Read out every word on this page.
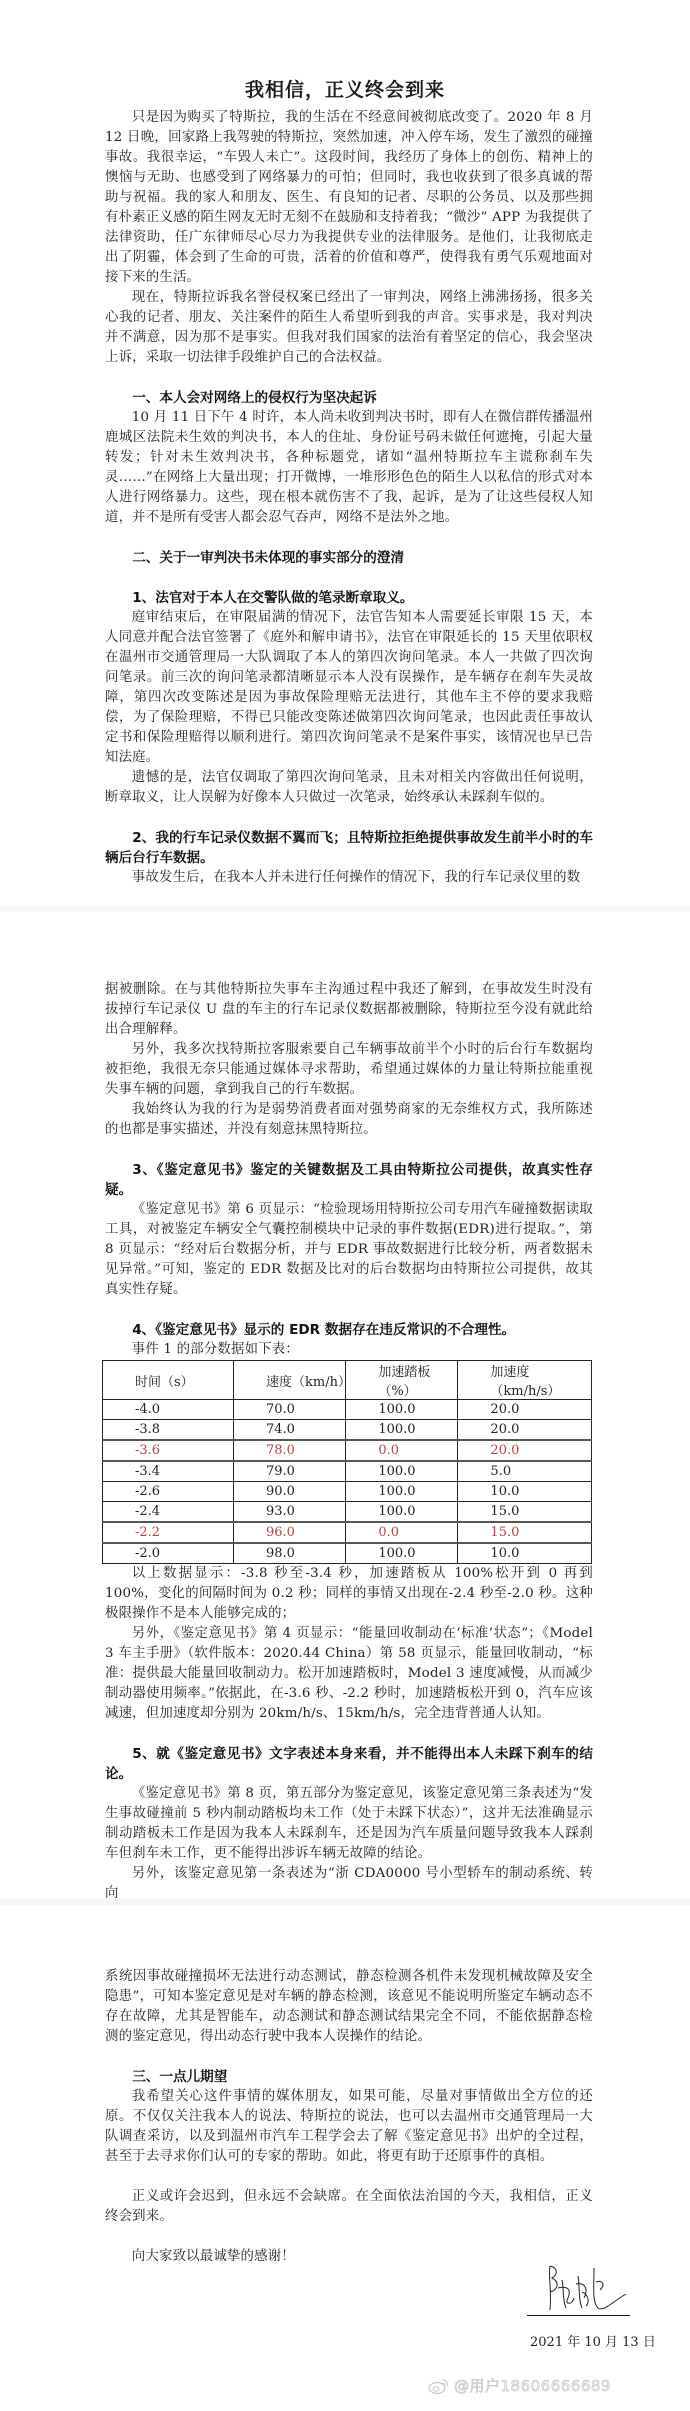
我相信，正义终会到来

只是因为购买了特斯拉，我的生活在不经意间被彻底改变了。2020 年 8 月 12 日晚，回家路上我驾驶的特斯拉，突然加速，冲入停车场，发生了激烈的碰撞事故。我很幸运，“车毁人未亡”。这段时间，我经历了身体上的创伤、精神上的懊恼与无助、也感受到了网络暴力的可怕；但同时，我也收获到了很多真诚的帮助与祝福。我的家人和朋友、医生、有良知的记者、尽职的公务员、以及那些拥有朴素正义感的陌生网友无时无刻不在鼓励和支持着我；“微沙” APP 为我提供了法律资助，任广东律师尽心尽力为我提供专业的法律服务。是他们，让我彻底走出了阴霾，体会到了生命的可贵，活着的价值和尊严，使得我有勇气乐观地面对接下来的生活。

现在，特斯拉诉我名誉侵权案已经出了一审判决，网络上沸沸扬扬，很多关心我的记者、朋友、关注案件的陌生人希望听到我的声音。实事求是，我对判决并不满意，因为那不是事实。但我对我们国家的法治有着坚定的信心，我会坚决上诉，采取一切法律手段维护自己的合法权益。

一、本人会对网络上的侵权行为坚决起诉

10 月 11 日下午 4 时许，本人尚未收到判决书时，即有人在微信群传播温州鹿城区法院未生效的判决书，本人的住址、身份证号码未做任何遮掩，引起大量转发；针对未生效判决书，各种标题党，诸如“温州特斯拉车主谎称刹车失灵……”在网络上大量出现；打开微博，一堆形形色色的陌生人以私信的形式对本人进行网络暴力。这些，现在根本就伤害不了我，起诉，是为了让这些侵权人知道，并不是所有受害人都会忍气吞声，网络不是法外之地。

二、关于一审判决书未体现的事实部分的澄清
1、法官对于本人在交警队做的笔录断章取义。

庭审结束后，在审限届满的情况下，法官告知本人需要延长审限 15 天，本人同意并配合法官签署了《庭外和解申请书》，法官在审限延长的 15 天里依职权在温州市交通管理局一大队调取了本人的第四次询问笔录。本人一共做了四次询问笔录。前三次的询问笔录都清晰显示本人没有误操作，是车辆存在刹车失灵故障，第四次改变陈述是因为事故保险理赔无法进行，其他车主不停的要求我赔偿，为了保险理赔，不得已只能改变陈述做第四次询问笔录，也因此责任事故认定书和保险理赔得以顺利进行。第四次询问笔录不是案件事实，该情况也早已告知法庭。

遗憾的是，法官仅调取了第四次询问笔录，且未对相关内容做出任何说明，断章取义，让人误解为好像本人只做过一次笔录，始终承认未踩刹车似的。

2、我的行车记录仪数据不翼而飞；且特斯拉拒绝提供事故发生前半小时的车辆后台行车数据。

事故发生后，在我本人并未进行任何操作的情况下，我的行车记录仪里的数

据被删除。在与其他特斯拉失事车主沟通过程中我还了解到，在事故发生时没有拔掉行车记录仪 U 盘的车主的行车记录仪数据都被删除，特斯拉至今没有就此给出合理解释。

另外，我多次找特斯拉客服索要自己车辆事故前半个小时的后台行车数据均被拒绝，我很无奈只能通过媒体寻求帮助，希望通过媒体的力量让特斯拉能重视失事车辆的问题，拿到我自己的行车数据。

我始终认为我的行为是弱势消费者面对强势商家的无奈维权方式，我所陈述的也都是事实描述，并没有刻意抹黑特斯拉。

3、《鉴定意见书》鉴定的关键数据及工具由特斯拉公司提供，故真实性存疑。

《鉴定意见书》第 6 页显示：“检验现场用特斯拉公司专用汽车碰撞数据读取工具，对被鉴定车辆安全气囊控制模块中记录的事件数据(EDR)进行提取。”，第 8 页显示：“经对后台数据分析，并与 EDR 事故数据进行比较分析，两者数据未见异常。”可知，鉴定的 EDR 数据及比对的后台数据均由特斯拉公司提供，故其真实性存疑。

4、《鉴定意见书》显示的 EDR 数据存在违反常识的不合理性。

事件 1 的部分数据如下表：

时间（s）	速度（km/h）	加速踏板（%）	加速度（km/h/s）
-4.0	70.0	100.0	20.0
-3.8	74.0	100.0	20.0
-3.6	78.0	0.0	20.0
-3.4	79.0	100.0	5.0
-2.6	90.0	100.0	10.0
-2.4	93.0	100.0	15.0
-2.2	96.0	0.0	15.0
-2.0	98.0	100.0	10.0

以上数据显示：-3.8 秒至-3.4 秒，加速踏板从 100%松开到 0 再到 100%，变化的间隔时间为 0.2 秒；同样的事情又出现在-2.4 秒至-2.0 秒。这种极限操作不是本人能够完成的；

另外，《鉴定意见书》第 4 页显示：“能量回收制动在‘标准’状态”；《Model 3 车主手册》（软件版本：2020.44 China）第 58 页显示，能量回收制动，“标准：提供最大能量回收制动力。松开加速踏板时，Model 3 速度减慢，从而减少制动器使用频率。”依据此，在-3.6 秒、-2.2 秒时，加速踏板松开到 0，汽车应该减速，但加速度却分别为 20km/h/s、15km/h/s，完全违背普通人认知。

5、就《鉴定意见书》文字表述本身来看，并不能得出本人未踩下刹车的结论。

《鉴定意见书》第 8 页，第五部分为鉴定意见，该鉴定意见第三条表述为“发生事故碰撞前 5 秒内制动踏板均未工作（处于未踩下状态）”，这并无法准确显示制动踏板未工作是因为我本人未踩刹车，还是因为汽车质量问题导致我本人踩刹车但刹车未工作，更不能得出涉诉车辆无故障的结论。

另外，该鉴定意见第一条表述为“浙 CDA0000 号小型轿车的制动系统、转向

系统因事故碰撞损坏无法进行动态测试，静态检测各机件未发现机械故障及安全隐患”，可知本鉴定意见是对车辆的静态检测，该意见不能说明所鉴定车辆动态不存在故障，尤其是智能车，动态测试和静态测试结果完全不同，不能依据静态检测的鉴定意见，得出动态行驶中我本人误操作的结论。

三、一点儿期望

我希望关心这件事情的媒体朋友，如果可能，尽量对事情做出全方位的还原。不仅仅关注我本人的说法、特斯拉的说法，也可以去温州市交通管理局一大队调查采访，以及到温州市汽车工程学会去了解《鉴定意见书》出炉的全过程，甚至于去寻求你们认可的专家的帮助。如此，将更有助于还原事件的真相。

正义或许会迟到，但永远不会缺席。在全面依法治国的今天，我相信，正义终会到来。

向大家致以最诚挚的感谢！

2021 年 10 月 13 日
@用户18606666689
